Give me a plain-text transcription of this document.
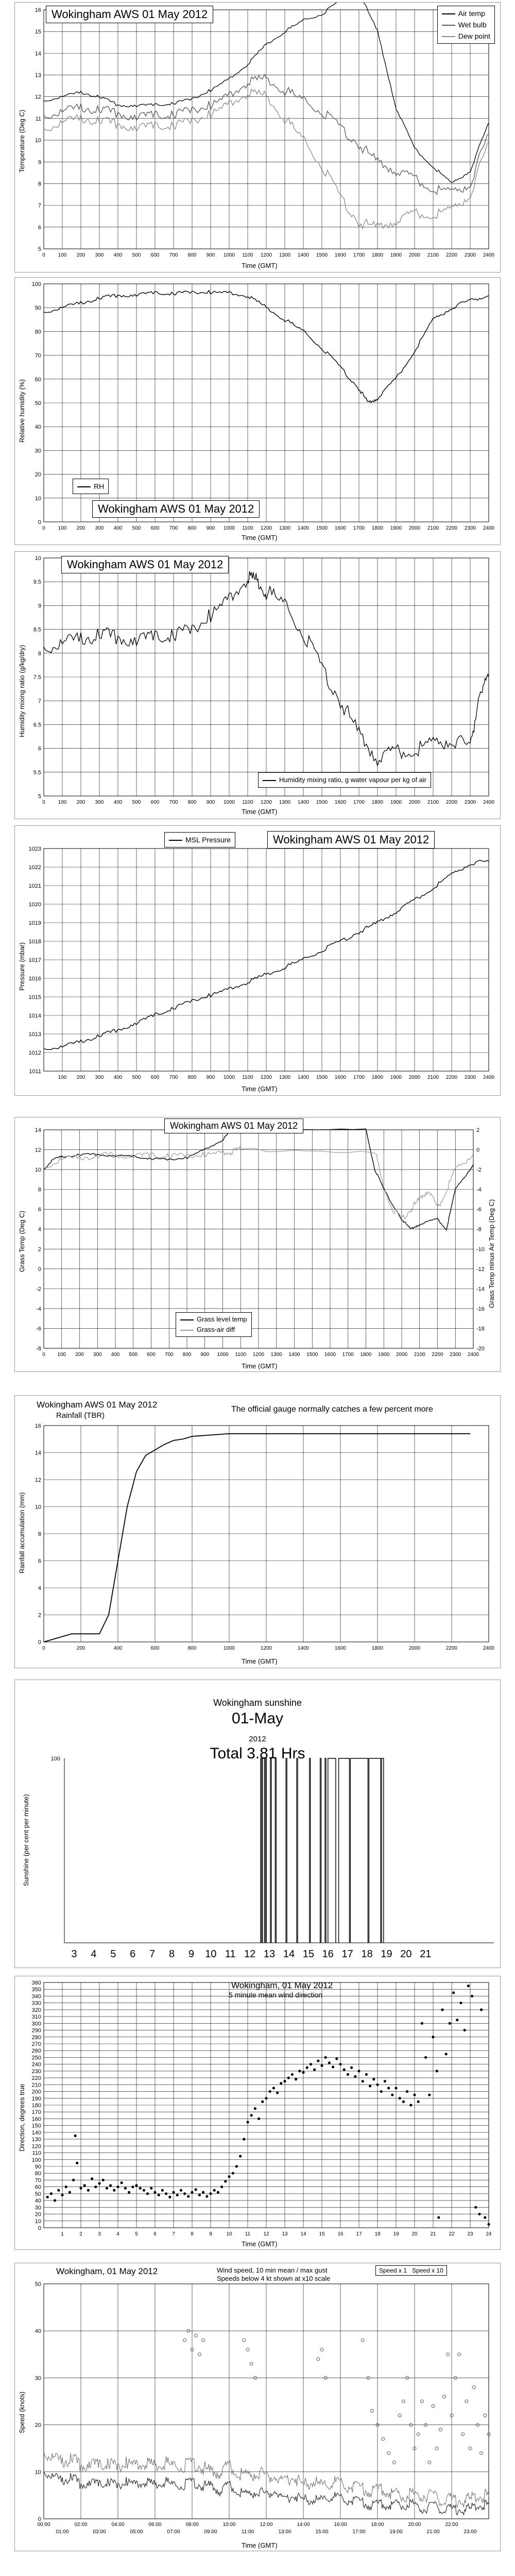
5
6
7
8
9
10
11
12
13
14
15
16
0 100 200 300 400 500 600 700 800 900 1000 1100 1200 1300 1400 1500 1600 1700 1800 1900 2000 2100 2200 2300 2400
Wokingham AWS 01 May 2012	Air temp
Wet bulb
Dew point
Temperature (Deg C)
Time (GMT)
0
10
20
30
40
50
60
70
80
90
100
0 100 200 300 400 500 600 700 800 900 1000 1100 1200 1300 1400 1500 1600 1700 1800 1900 2000 2100 2200 2300 2400
Wokingham AWS 01 May 2012
RH
Relative humidity (%)
Time (GMT)
5
5.5
6
6.5
7
7.5
8
8.5
9
9.5
10
0 100 200 300 400 500 600 700 800 900 1000 1100 1200 1300 1400 1500 1600 1700 1800 1900 2000 2100 2200 2300 2400
Wokingham AWS 01 May 2012
Humidity mixing ratio, g water vapour per kg of air
Humidity mixing ratio (g/kg/dry)
Time (GMT)
1011
1012
1013
1014
1015
1016
1017
1018
1019
1020
1021
1022
1023
100 200 300 400 500 600 700 800 900 1000 1100 1200 1300 1400 1500 1600 1700 1800 1900 2000 2100 2200 2300 2400
MSL Pressure	Wokingham AWS 01 May 2012
Pressure (mbar)
Time (GMT)
-8
-6
-4
-2
0
2
4
6
8
10
12
14
0 100 200 300 400 500 600 700 800 900 1000 1100 1200 1300 1400 1500 1600 1700 1800 1900 2000 2100 2200 2300 2400
-20
-18
-16
-14
-12
-10
-8
-6
-4
-2
0
2
Wokingham AWS 01 May 2012
Grass level temp
Grass-air diff
Grass Temp (Deg C)	Grass Temp minus Air Temp (Deg C)
Time (GMT)
0
2
4
6
8
10
12
14
16
0	200	400	600	800	1000	1200	1400	1600	1800	2000	2200	2400
Wokingham AWS 01 May 2012
Rainfall (TBR)
The official gauge normally catches a few percent more
Rainfall accumulation (mm)
Time (GMT)
100
3 4 5 6 7 8 9 10 11 12 13 14 15 16 17 18 19 20 21
Wokingham sunshine
01-May
2012
Total 3.81 Hrs
Sunshine (per cent per minute)
0
10
20
30
40
50
60
70
80
90
100
110
120
130
140
150
160
170
180
190
200
210
220
230
240
250
260
270
280
290
300
310
320
330
340
350
360
1	2	3	4	5	6	7	8	9	10	11	12 13 14 15 16 17 18 19 20 21 22 23 24
Wokingham, 01 May 2012
5 minute mean wind direction
Direction, degrees true
Time (GMT)
0
10
20
30
40
50
00:00	02:00	04:00	06:00	08:00	10:00	12:00	14:00	16:00	18:00	20:00	22:00
01:00	03:00	05:00	07:00	09:00	11:00	13:00	15:00	17:00	19:00	21:00	23:00
Wokingham, 01 May 2012	Wind speed, 10 min mean / max gust
Speeds below 4 kt shown at x10 scale
Speed x 1 Speed x 10
Speed (knots)
Time (GMT)
